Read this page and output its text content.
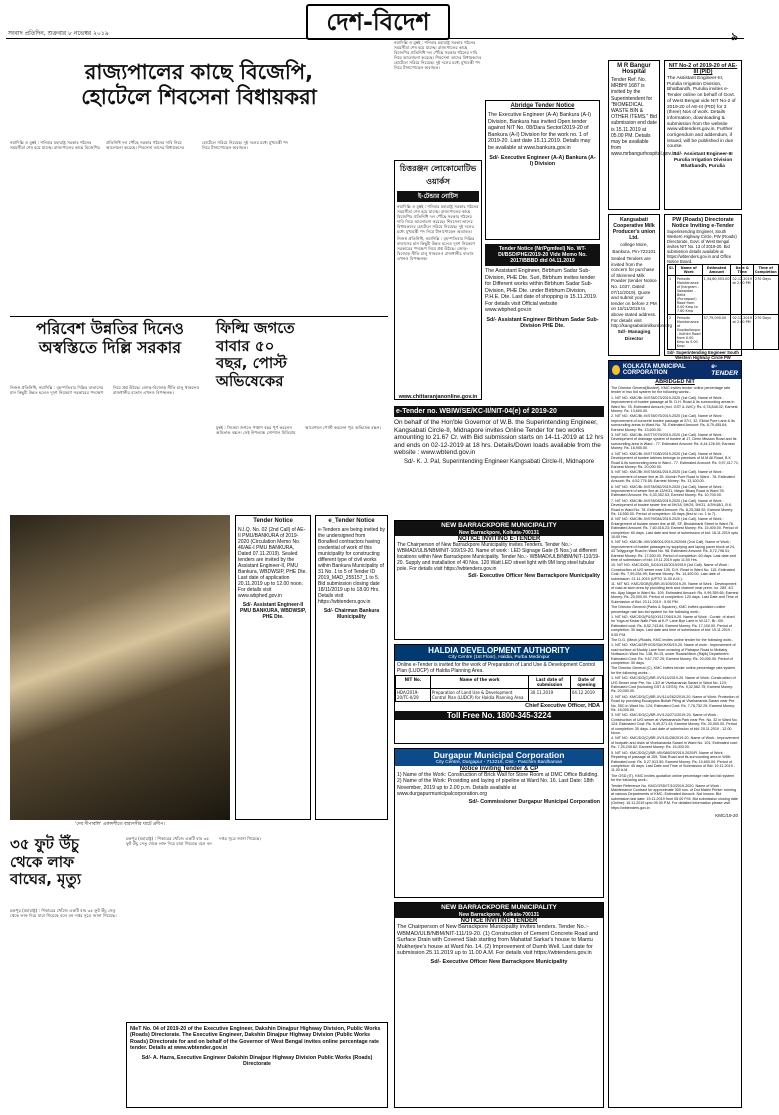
সংবাদ প্রতিদিন, শুক্রবার ৮ নভেম্বর ২০১৯	দেশ-বিদেশ
৯
রাজ্যপালের কাছে বিজেপি,
হোটেলে শিবসেনা বিধায়করা

নয়াদিল্লি ও মুম্বই : শনিবার মহারাষ্ট্র সরকার গঠনের সময়সীমা শেষ হয়ে যাচ্ছে। রাজ্যপালের কাছে বিজেপির প্রতিনিধি দল পৌঁছে সরকার গঠনের দাবি নিয়ে আলোচনা করেছে। শিবসেনা তাদের বিধায়কদের হোটেলে সরিয়ে নিয়েছে। দুই দলের মধ্যে মুখ্যমন্ত্রী পদ নিয়ে টানাপোড়েন অব্যাহত।

পরিবেশ উন্নতির দিনেও
অস্বস্তিতে দিল্লি সরকার

নিজস্ব প্রতিনিধি, নয়াদিল্লি : বৃহস্পতিবার দিল্লির বাতাসের মান কিছুটা উন্নত হলেও দূষণ নিয়ন্ত্রণে সরকারের পদক্ষেপ নিয়ে প্রশ্ন উঠছে। জোড়-বিজোড় নীতি চালু থাকলেও রাজধানীর বাতাস এখনও বিপজ্জনক।

ফিল্মি জগতে
বাবার ৫০
বছর, পোস্ট
অভিষেকের

মুম্বই : সিনেমা জগতে পঞ্চাশ বছর পূর্ণ করলেন অমিতাভ বচ্চন। সেই উপলক্ষে সোশ্যাল মিডিয়ায় আবেগঘন পোস্ট করলেন পুত্র অভিষেক বচ্চন।

'দেব দীপাবলি' একাদশীতে বারাণসীর ঘাটে প্রদীপ।
Tender Notice
N.I.Q. No. 02 (2nd Call) of AE-II PMU/BANKURA of 2019-2020 (Circulation Memo No. 46/AE-I PMU BANKURA, Dated 07.11.2019). Sealed tenders are invited by the Assistant Engineer-II, PMU Bankura, WBDWSIP, PHE Dte. Last date of application 20.11.2019 up to 12.00 noon. For details visit www.wbphed.gov.in
Sd/- Assistant Engineer-II PMU BANKURA, WBDWSIP, PHE Dte.
e_Tender Notice
e-Tenders are being invited by the undersigned from Bonafied contractors having credential of work of this municipality for constructing different type of civil works within Bankura Municipality of 31 No. 1 to 5 of Tender ID 2019_MAD_255157_1 to 5. Bid submission closing date 18/11/2019 up to 18.00 Hrs. Details visit https://wbtenders.gov.in
Sd/- Chairman Bankura Municipality
৩৫ ফুট উঁচু
থেকে লাফ
বাঘের, মৃত্যু

চন্দ্রপুর (মহারাষ্ট্র) : শিকারের খোঁজে একটি বাঘ ৩৫ ফুট উঁচু সেতু থেকে লাফ দিয়ে মারা গিয়েছে বলে বন দপ্তর সূত্রে জানা গিয়েছে।

চন্দ্রপুর (মহারাষ্ট্র) : শিকারের খোঁজে একটি বাঘ ৩৫ ফুট উঁচু সেতু থেকে লাফ দিয়ে মারা গিয়েছে বলে বন দপ্তর সূত্রে জানা গিয়েছে।

NIeT No. 04 of 2019-20 of the Executive Engineer, Dakshin Dinajpur Highway Division, Public Works (Roads) Directorate. The Executive Engineer, Dakshin Dinajpur Highway Division (Public Works Roads) Directorate for and on behalf of the Governor of West Bengal invites online percentage rate tender. Details at www.wbtender.gov.in
Sd/- A. Hazra, Executive Engineer Dakshin Dinajpur Highway Division Public Works (Roads) Directorate

নয়াদিল্লি ও মুম্বই : শনিবার মহারাষ্ট্র সরকার গঠনের সময়সীমা শেষ হয়ে যাচ্ছে। রাজ্যপালের কাছে বিজেপির প্রতিনিধি দল পৌঁছে সরকার গঠনের দাবি নিয়ে আলোচনা করেছে। শিবসেনা তাদের বিধায়কদের হোটেলে সরিয়ে নিয়েছে। দুই দলের মধ্যে মুখ্যমন্ত্রী পদ নিয়ে টানাপোড়েন অব্যাহত।

Abridge Tender Notice
The Executive Engineer (A-A) Bankura (A-I) Division, Bankura has invited Open tender against NIT No. 08/Dara Sector/2019-20 of Bankura (A-I) Division for the work no. 1 of 2019-20. Last date 15.11.2019. Details may be available at www.bankura.gov.in
Sd/- Executive Engineer (A-A) Bankura (A-I) Division
চিত্তরঞ্জন লোকোমোটিভ ওয়ার্কস
ই-টেন্ডার নোটিস

নয়াদিল্লি ও মুম্বই : শনিবার মহারাষ্ট্র সরকার গঠনের সময়সীমা শেষ হয়ে যাচ্ছে। রাজ্যপালের কাছে বিজেপির প্রতিনিধি দল পৌঁছে সরকার গঠনের দাবি নিয়ে আলোচনা করেছে। শিবসেনা তাদের বিধায়কদের হোটেলে সরিয়ে নিয়েছে। দুই দলের মধ্যে মুখ্যমন্ত্রী পদ নিয়ে টানাপোড়েন অব্যাহত।

নিজস্ব প্রতিনিধি, নয়াদিল্লি : বৃহস্পতিবার দিল্লির বাতাসের মান কিছুটা উন্নত হলেও দূষণ নিয়ন্ত্রণে সরকারের পদক্ষেপ নিয়ে প্রশ্ন উঠছে। জোড়-বিজোড় নীতি চালু থাকলেও রাজধানীর বাতাস এখনও বিপজ্জনক।

www.chittaranjanonline.gov.in
Tender Notice (Nr/Pgmfeel) No. WT-Dl/BSD/PHE/2019-20 Vide Memo No. 2017/BBBD dtd 04.11.2019
The Assistant Engineer, Birbhum Sadar Sub-Division, PHE Dte. Suri, Birbhum invites tender for Different works within Birbhum Sadar Sub-Division, PHE Dte. under Birbhum Division, P.H.E. Dte. Last date of shopping is 15.11.2019. For details visit Official website www.wbphed.gov.in
Sd/- Assistant Engineer Birbhum Sadar Sub-Division PHE Dte.
e-Tender no. WBIW/SE/KC-II/NIT-04(e) of 2019-20
On behalf of the Hon'ble Governor of W.B. the Superintending Engineer, Kangsabati Circle-II, Midnapore invites Online Tender for two works amounting to 21.67 Cr. with Bid submission starts on 14-11-2019 at 12 hrs and ends on 02-12-2019 at 18 hrs. Details/Down loads available from the website : www.wbtend.gov.in
Sd/- K. J. Pal, Superintending Engineer Kangsabati Circle-II, Midnapore
NEW BARRACKPORE MUNICIPALITY
New Barrackpore, Kolkata-700131
NOTICE INVITING E-TENDER
The Chairperson of New Barrackpore Municipality invites Tenders. Tender No.:- WBMAD/ULB/NBM/NIT-109/19-20. Name of work : LED Signage Gate (5 Nos.) at different locations within New Barrackpore Municipality. Tender No.:- WBMAD/ULB/NBM/NIT-110/19-20. Supply and installation of 40 Nos. 120 Watt LED street light with 9M long steel tubular pole. For details visit https://wbtenders.gov.in
Sd/- Executive Officer New Barrackpore Municipality
HALDIA DEVELOPMENT AUTHORITY
City Centre (1st Floor), Haldia, Purba Medinipur
Online e-Tender is invited for the work of Preparation of Land Use & Development Control Plan (LUDCP) of Haldia Planning Area.
NIT No.	Name of the work	Last date of submission	Date of opening
HDA/2019-20/TC-II/29	Preparation of Land Use & Development Control Plan (LUDCP) for Haldia Planning Area	30.11.2019	04.12.2019
Chief Executive Officer, HDA
Toll Free No. 1800-345-3224
Durgapur Municipal Corporation
City Centre, Durgapur - 713216, Dist.- Paschim Bardhaman
Notice Inviting Tender & CP
1) Name of the Work: Construction of Brick Wall for Store Room at DMC Office Building. 2) Name of the Work: Providing and laying of pipeline at Ward No. 16. Last Date: 18th November, 2019 up to 2.00 p.m. Details available at www.durgapurmunicipalcorporation.org
Sd/- Commissioner Durgapur Municipal Corporation
NEW BARRACKPORE MUNICIPALITY
New Barrackpore, Kolkata-700131
NOTICE INVITING TENDER
The Chairperson of New Barrackpore Municipality invites tenders. Tender No.:- WBMAD/ULB/NBM/NIT-111/19-20. (1) Construction of Cement Concrete Road and Surface Drain with Covered Slab starting from Mahattaf Sarkar's house to Mantu Mukherjee's house at Ward No. 14. (2) Improvement of Dumb Well. Last date for submission 25.11.2019 up to 11.00 A.M. For details visit https://wbtenders.gov.in
Sd/- Executive Officer New Barrackpore Municipality
M R Bangur Hospital
Tender Ref. No. MRBH/ 1687 is invited by the Superintendent for "BIOMEDICAL WASTE BIN & OTHER ITEMS." Bid submission end date is 15.11.2019 at 05.00 PM. Details may be available from www.mrbangurhospital.gov.in
Kangsabati Cooperative Milk Producer's union Ltd.
college More, Bankura, Pin-722101
Sealed Tenders are invited from the concern for purchase of Skimmed Milk Powder (tender Notice No. 1037, Dated 07/11/2019). Quote and submit your tender on before 2 PM on 15/11/2019 to above stated address. For details visit http://kangsabatimilkunion.org
Sd/- Managing Director
NIT No-2 of 2019-20 of AE-III (PID)
The Assistant Engineer-III, Purulia Irrigation Division, Bhatbandh, Purulia invites e-Tender online on behalf of Govt. of West Bengal vide NIT No-2 of 2019-20 of AE-III (PID) for 3 (three) Nos of work. Details information, downloading & submission from the website www.wbtenders.gov.in. Further corrigendum and addendum, if issued, will be published in due course.
Sd/- Assistant Engineer-III Purulia Irrigation Division Bhatbandh, Purulia
PW (Roads) Directorate Notice Inviting e-Tender
Superintending Engineer, South Western Highway Circle, PW (Roads) Directorate, Govt. of West Bengal invites NIT No. 13 of 2019-20. Bid submission details available at https://wbtenders.gov.in and Office Notice Board.
Sl.	Name of Work	Estimated Amount	Date & Time	Time of Completion
1	Periodic Maintenance of Jhargram - Sawaidan - Belia (Purnapani) Road from 0.00 Kmp to 7.60 Kmp	1,34,60,553.00	02.12.2019 at 2.00 PM	270 Days
2	Periodic Maintenance of Gopiballavpur - Kultikri Road from 0.00 Kmp to 5.00 Kmp	57,79,090.00	02.12.2019 at 2.00 PM	270 Days
Sd/- Superintending Engineer South Western Highway Circle PW
KOLKATA MUNICIPAL CORPORATION
e-TENDER
ABRIDGED NIT

The Director General(Bustee), KMC invites tender online percentage rate tender in two bid system for the following works:-

1. NIT NO. KMC/Br-IV/078/073/2019-2020 (1st Call). Name of Work : Improvement of bustee passage at St. D.H. Road & its surrounding areas in Ward No. 78. Estimated Amount (Incl. GST & LWC): Rs. 6,78,848.02; Earnest Money: Rs. 13,600.00.

2. NIT NO. KMC/Br-IV/078/075/2019-2020 (1st Call). Name of Work : Improvement of concrete bustee passage at 37/1, 32, Ekbal Pore Lane & its surrounding areas in Ward No. 78. Estimated Amount: Rs. 6,79,455.64; Earnest Money: Rs. 13,600.00.

3. NIT NO. KMC/Br-IV/077/079/2019-2020 (1st Call). Name of Work : Development of drainage system of bustee at 17, Deen Mission Road and its surrounding area in Ward - 77. Estimated Amount: Rs. 8,44,126.50; Earnest Money: Rs. 16,900.00.

4. NIT NO. KMC/Br-IV/077/080/2019-2020 (1st Call). Name of Work : Development of bustee latrines belongs to premises of M.M Ali Road, B K Road & its surrounding area in Ward - 77. Estimated Amount: Rs. 9,97,417.71; Earnest Money: Rs. 20,000.00.

5. NIT NO. KMC/Br-IV/078/081/2019-2020 (1st Call). Name of Work : Improvement of sewer line at 35, Momin Pore Road in Ward - 78. Estimated Amount: Rs. 6,52,776.55; Earnest Money: Rs. 13,100.00.

6. NIT NO. KMC/Br-IV/078/082/2019-2020 (1st Call). Name of Work : Improvement of sewer line at 13/H/31, Mayur Bhanj Road in Ward 78. Estimated Amount: Rs. 5,33,352.53; Earnest Money: Rs. 10,700.00.

7. NIT NO. KMC/Br-IV/078/083/2019-2020 (1st Call). Name of Work : Development of bustee sewer line at 5H/18, 5H/26, 5H/31, 4/3H/48/1, B.K. Road in Ward No. 78. Estimated Amount: Rs. 8,25,288.92; Earnest Money: Rs. 16,550.00. Period of completion: 45 days (first sl. no. 1 to 7).

8. NIT NO. KMC/Br-IV/079/084/2019-2020 (1st Call). Name of Work : Enlargement of bustee sewer line at 8E, SF, Bholabhanti Street in Ward 78. Estimated Amount: Rs. 7,60,016.23; Earnest Money: Rs. 15,400.00. Period of completion: 60 days. Last date and time of submission of bid: 18.11.2019 upto 10:00 Hrs.

9. NIT NO. KMC/Br-VIII/108/001/2019-2020/M (2nd Call). Name of Work : Improvement of bustee passages by supplying and laying paver block at 24, 43 Tollygunge Road in Ward No. 98. Estimated Amount: Rs. 8,72,798.01; Earnest Money: Rs. 17,500.00. Period of completion: 60 days. Last date and time of submission of bid: 19.11.2019 upto 11:00 Hrs.

10. NIT NO. KMC/DGB_S/010/115/2019/2019 (1st Call). Name of Work : Construction of U/G sewer near 109, D.H. Road in Ward No. 115. Estimated Cost: Rs. 7,99,254.99; Earnest Money: Rs. 14,400.00. Last date of submission: 21.11.2019 (UPTO 11.00 A.M.).

11. NIT NO. KMC/DGB(S)/BR-XI/109/2019-20. Name of Work : Development of road at slum area by providing kerb and channel near prem. no. 289, 4/2 etc. Ajay Nagar in Ward No. 109. Estimated Amount: Rs. 9,99,359.65; Earnest Money: Rs. 20,000.00. Period of completion: 120 days. Last Date and Time of Submission of Bid: 23.11.2019 - 5.00 PM.

The Director General (Parks & Squares), KMC invites quotation online percentage rate two bid system for the following work:-

1. NIT NO. KMC/DG(P&S)/XI/117/06/19-20. Name of Work : Constr. of shed for Yoga at Kedar Nath Park at K.P. Lane Bye Lane in W-117, Br.-XIII. Estimated cost: Rs. 8,52,743.84; Earnest Money: Rs. 17,100.00. Period of completion: 30 days. Last date and time of submission of bid: 19.11.2019 - 5:00 P.M.

The D.G. (Mech.)/Roads, KMC invites online tender for the following work:-

1. NIT NO. KMC/ASPH/GS/SUKH/05/19-20. Name of work : Improvement of road surface at Muddy Lane from crossing of Patrapur Road to Mutiaby Nuttawa in Ward No. 138, Br-15, under Roads/Mech (Rajib) Department. Estimated Cost: Rs. 9,67,707.29; Earnest Money: Rs. 20,000.00. Period of completion: 30 days.

The Director General (C), KMC invites tender online percentage rate system for the following works :-

1. NIT NO. KMC/DG(C)/BR-XV/114/2019-20. Name of Work: Construction of U/G Sewer near Pre. No. L3/2 at Vivekananda Sarani in Ward No. 124; Estimated Cost (including GST & CESS): Rs. 9,32,562.75; Earnest Money: Rs. 20,000.00.

2. NIT NO. KMC/DG(C)/BR-XV/114/262/2019-20. Name of Work: Protection of Road by providing Eucalyptus Bullah Piling at Vivekananda Sarani near Pre. No. 55C in Ward No. 124; Estimated Cost: Rs. 7,78,752.29; Earnest Money: Rs. 16,000.00.

3. NIT NO. KMC/DG(C)/BR-XV/124/271/2019-20. Name of Work : Construction of U/G sewer at Vivekananda Park near Pre. No. 32 in Ward No. 124; Estimated Cost: Rs. 9,49,371.43; Earnest Money: Rs. 20,000.00. Period of completion: 30 days. Last date of submission of bid: 20.11.2019 - 12.00 Noon.

4. NIT NO. KMC/DG(C)/BR-XV/101/28/2019-20. Name of Work : Improvement of footpath and drain at Vivekananda Sarani in Ward No. 101; Estimated cost: Rs. 7,25,249.82; Earnest Money: Rs. 15,000.00.

5. NIT NO. KMC/DG(C)/BR-VIII/086/29/2019-2020/R. Name of Work : Repairing of passage at 159, Tilak Road and its surrounding area in W86; Estimated cost: Rs. 5,27,513.50; Earnest Money: Rs. 10,600.00. Period of completion: 45 days. Last Date and Time of Submission of Bid: 19.11.2019 - 11.00 A.M.

The OSD (IT), KMC invites quotation online percentage rate two bid system for the following work:-

Tender Reference No. KMC/OSD/IT/10/2019-2020. Name of Work : Maintenance Contract for approximate 300 nos. of Dot Matrix Printer running at various Departments of KMC; Estimated Amount: Not known. Bid submission last date: 19.11.2019 from 05.00 P.M. Bid submission closing date (Online): 16.11.2019 upto 05.00 P.M. For detailed information please visit https://wbtenders.gov.in

KMC/19-20
